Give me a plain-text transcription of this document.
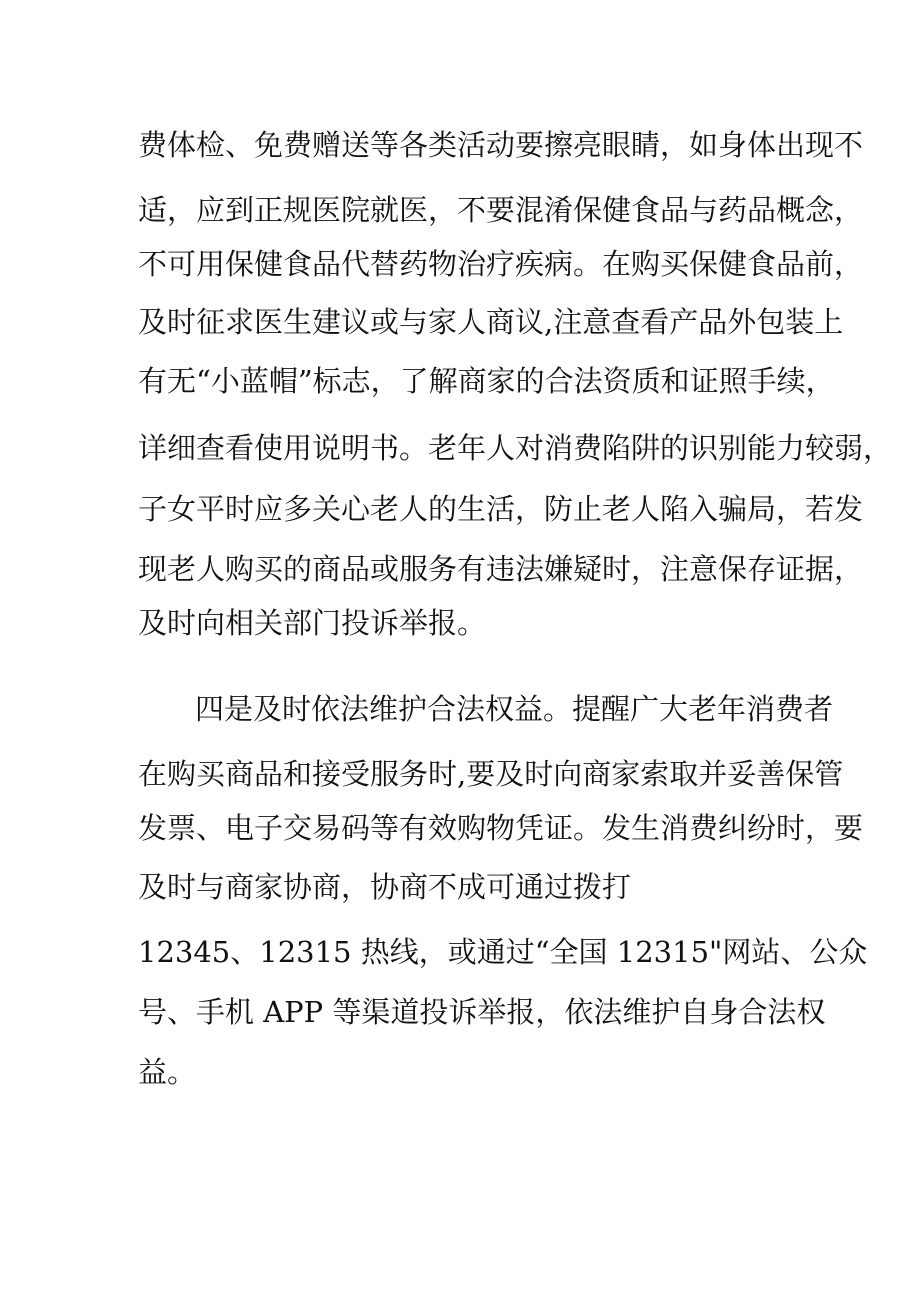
费体检、免费赠送等各类活动要擦亮眼睛，如身体出现不
适，应到正规医院就医，不要混淆保健食品与药品概念，
不可用保健食品代替药物治疗疾病。在购买保健食品前，
及时征求医生建议或与家人商议,注意查看产品外包装上
有无“小蓝帽”标志，了解商家的合法资质和证照手续，
详细查看使用说明书。老年人对消费陷阱的识别能力较弱，
子女平时应多关心老人的生活，防止老人陷入骗局，若发
现老人购买的商品或服务有违法嫌疑时，注意保存证据，
及时向相关部门投诉举报。
四是及时依法维护合法权益。提醒广大老年消费者
在购买商品和接受服务时,要及时向商家索取并妥善保管
发票、电子交易码等有效购物凭证。发生消费纠纷时，要
及时与商家协商，协商不成可通过拨打
12345、12315 热线，或通过“全国 12315"网站、公众
号、手机 APP 等渠道投诉举报，依法维护自身合法权
益。
